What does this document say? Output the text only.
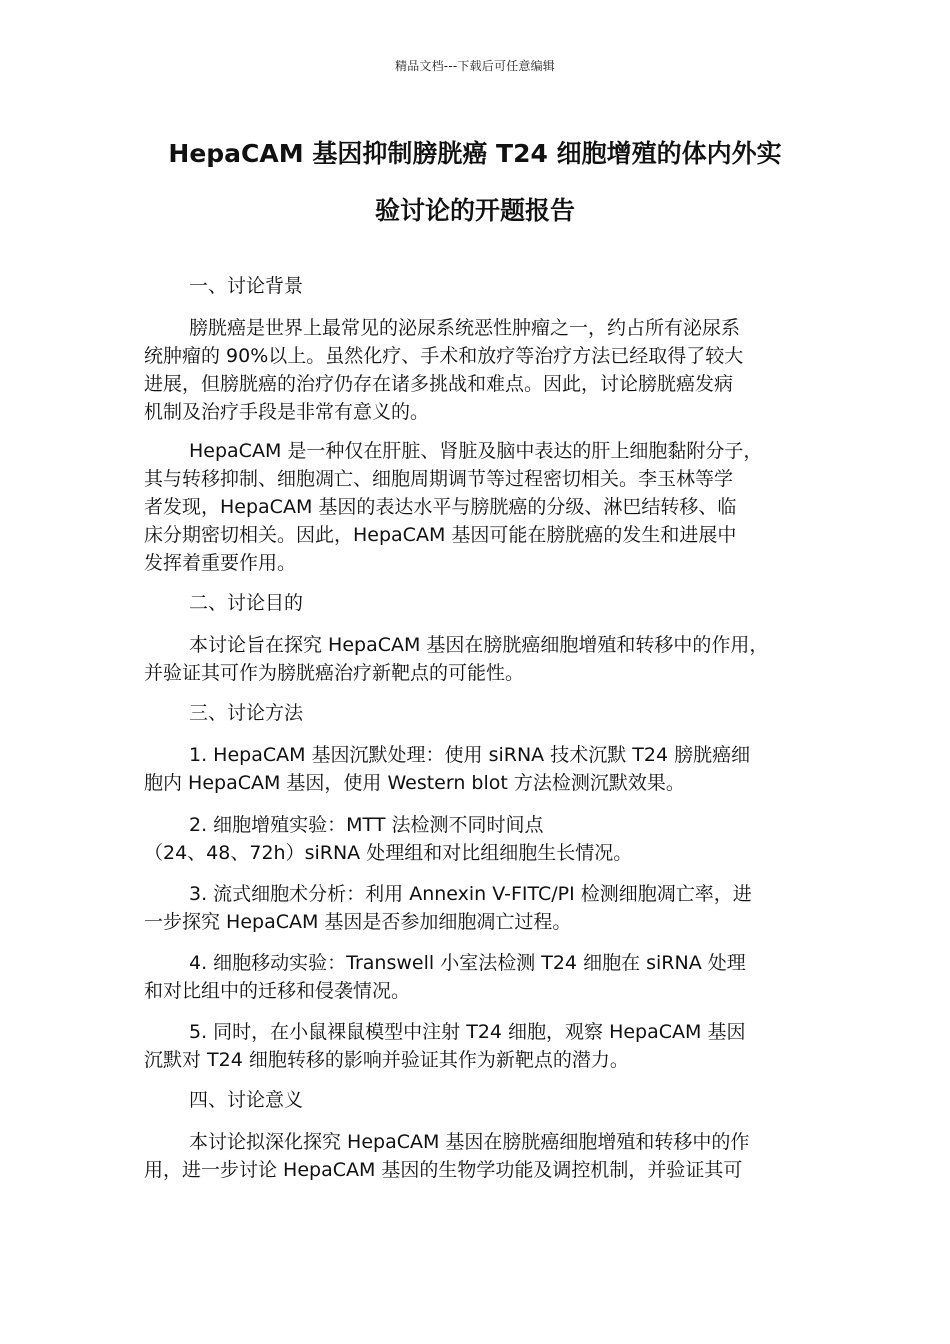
精品文档---下载后可任意编辑
HepaCAM 基因抑制膀胱癌 T24 细胞增殖的体内外实
验讨论的开题报告
一、讨论背景
膀胱癌是世界上最常见的泌尿系统恶性肿瘤之一，约占所有泌尿系
统肿瘤的 90%以上。虽然化疗、手术和放疗等治疗方法已经取得了较大
进展，但膀胱癌的治疗仍存在诸多挑战和难点。因此，讨论膀胱癌发病
机制及治疗手段是非常有意义的。
HepaCAM 是一种仅在肝脏、肾脏及脑中表达的肝上细胞黏附分子，
其与转移抑制、细胞凋亡、细胞周期调节等过程密切相关。李玉林等学
者发现，HepaCAM 基因的表达水平与膀胱癌的分级、淋巴结转移、临
床分期密切相关。因此，HepaCAM 基因可能在膀胱癌的发生和进展中
发挥着重要作用。
二、讨论目的
本讨论旨在探究 HepaCAM 基因在膀胱癌细胞增殖和转移中的作用，
并验证其可作为膀胱癌治疗新靶点的可能性。
三、讨论方法
1. HepaCAM 基因沉默处理：使用 siRNA 技术沉默 T24 膀胱癌细
胞内 HepaCAM 基因，使用 Western blot 方法检测沉默效果。
2. 细胞增殖实验：MTT 法检测不同时间点
（24、48、72h）siRNA 处理组和对比组细胞生长情况。
3. 流式细胞术分析：利用 Annexin V-FITC/PI 检测细胞凋亡率，进
一步探究 HepaCAM 基因是否参加细胞凋亡过程。
4. 细胞移动实验：Transwell 小室法检测 T24 细胞在 siRNA 处理
和对比组中的迁移和侵袭情况。
5. 同时，在小鼠裸鼠模型中注射 T24 细胞，观察 HepaCAM 基因
沉默对 T24 细胞转移的影响并验证其作为新靶点的潜力。
四、讨论意义
本讨论拟深化探究 HepaCAM 基因在膀胱癌细胞增殖和转移中的作
用，进一步讨论 HepaCAM 基因的生物学功能及调控机制，并验证其可
